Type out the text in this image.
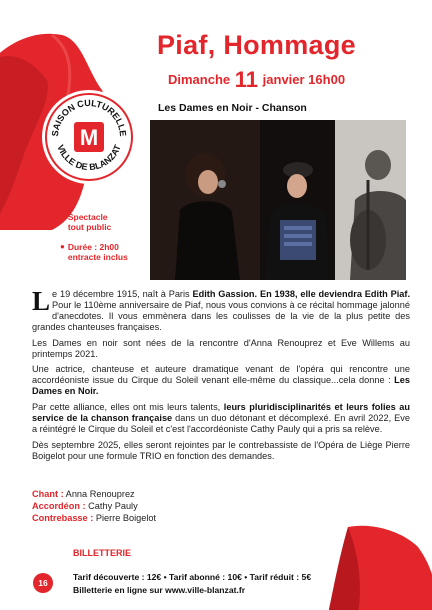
SAISON CULTURELLE
VILLE DE BLANZAT
M
Piaf, Hommage
Dimanche 11 janvier 16h00
Les Dames en Noir - Chanson
● Spectacle tout public
● Durée : 2h00 entracte inclus

Le 19 décembre 1915, naît à Paris Edith Gassion. En 1938, elle deviendra Edith Piaf. Pour le 110ème anniversaire de Piaf, nous vous convions à ce récital hommage jalonné d'anecdotes. Il vous emmènera dans les coulisses de la vie de la plus petite des grandes chanteuses françaises.

Les Dames en noir sont nées de la rencontre d'Anna Renouprez et Eve Willems au printemps 2021.

Une actrice, chanteuse et auteure dramatique venant de l'opéra qui rencontre une accordéoniste issue du Cirque du Soleil venant elle-même du classique...cela donne : Les Dames en Noir.

Par cette alliance, elles ont mis leurs talents, leurs pluridisciplinarités et leurs folies au service de la chanson française dans un duo détonant et décomplexé. En avril 2022, Eve a réintégré le Cirque du Soleil et c'est l'accordéoniste Cathy Pauly qui a pris sa relève.

Dès septembre 2025, elles seront rejointes par le contrebassiste de l'Opéra de Liège Pierre Boigelot pour une formule TRIO en fonction des demandes.

Chant : Anna Renouprez
Accordéon : Cathy Pauly
Contrebasse : Pierre Boigelot
BILLETTERIE
16
Tarif découverte : 12€ • Tarif abonné : 10€ • Tarif réduit : 5€
Billetterie en ligne sur www.ville-blanzat.fr
